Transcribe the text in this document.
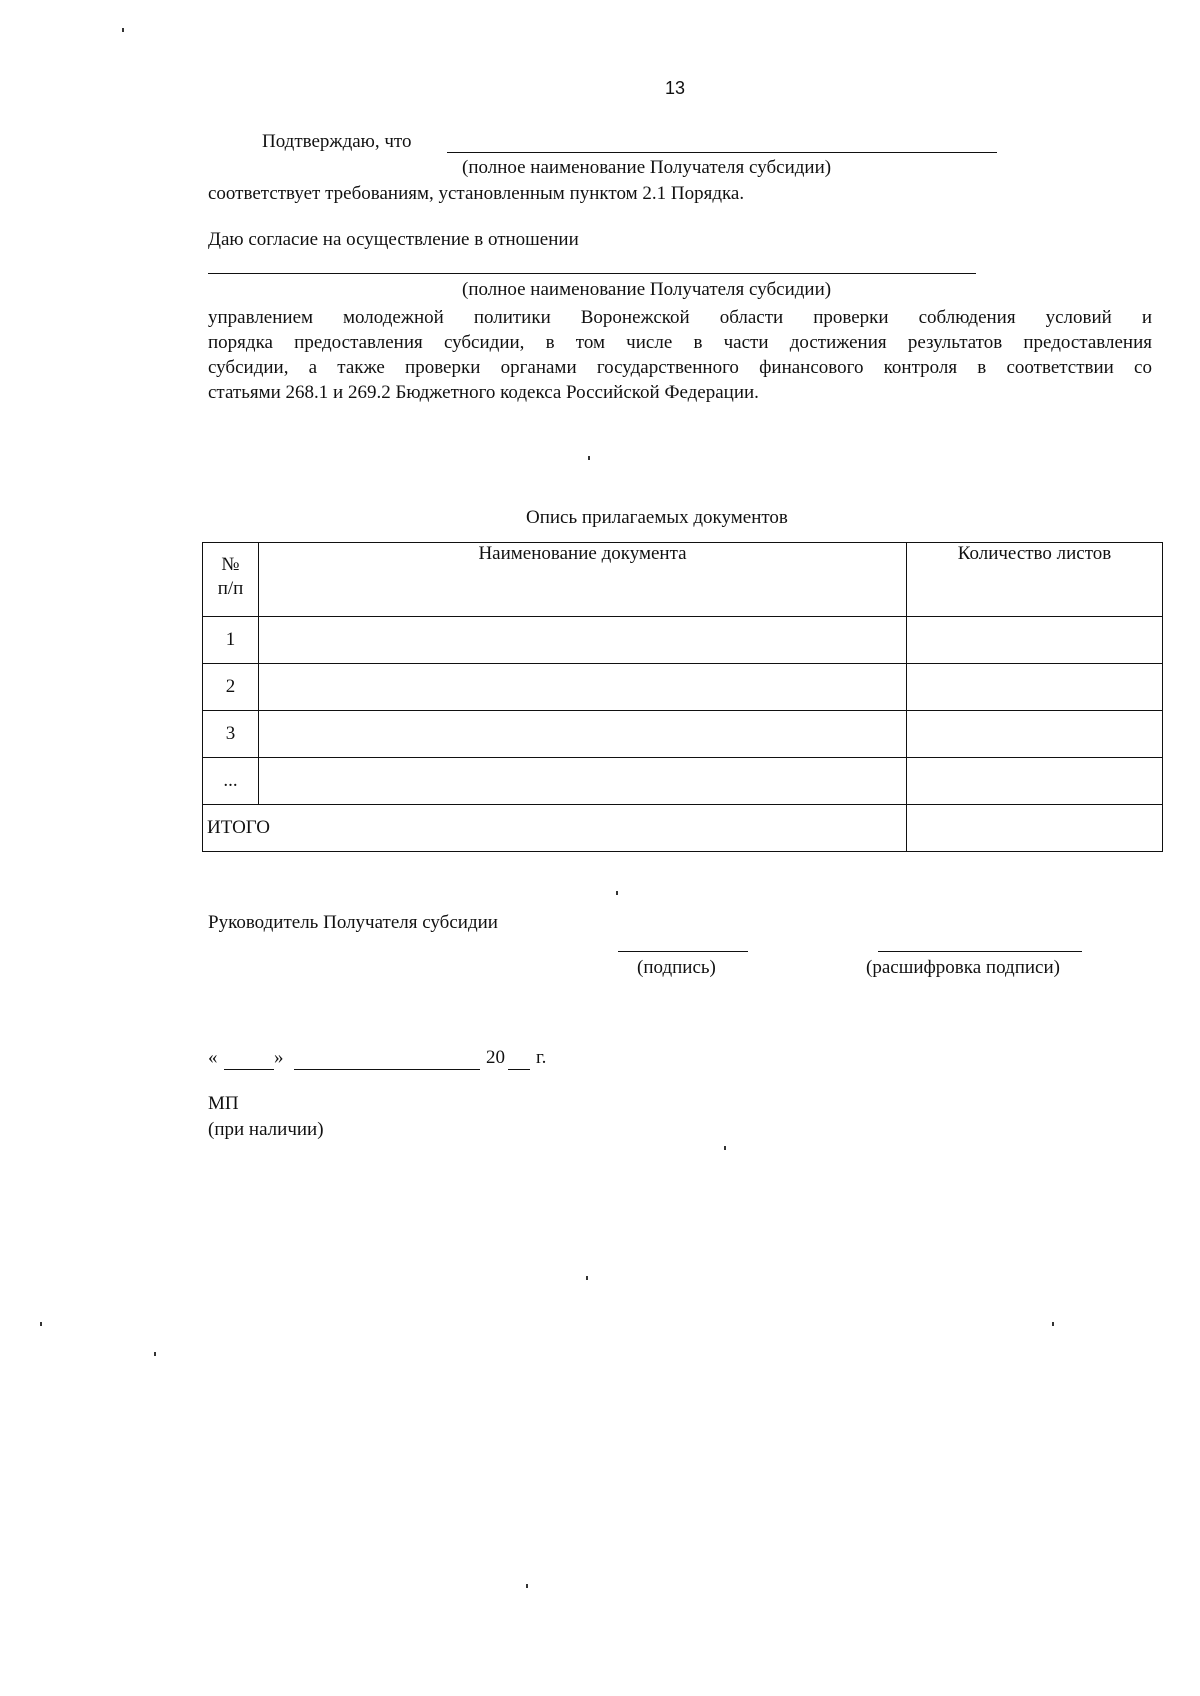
13
Подтверждаю, что
(полное наименование Получателя субсидии)
соответствует требованиям, установленным пунктом 2.1 Порядка.
Даю согласие на осуществление в отношении
(полное наименование Получателя субсидии)
управлением молодежной политики Воронежской области проверки соблюдения условий и
порядка предоставления субсидии, в том числе в части достижения результатов предоставления
субсидии, а также проверки органами государственного финансового контроля в соответствии со
статьями 268.1 и 269.2 Бюджетного кодекса Российской Федерации.
Опись прилагаемых документов
№ п/п	Наименование документа	Количество листов
1		
2		
3		
...		
ИТОГО		
Руководитель Получателя субсидии
(подпись)	(расшифровка подписи)
«	»	20 г.
МП
(при наличии)
